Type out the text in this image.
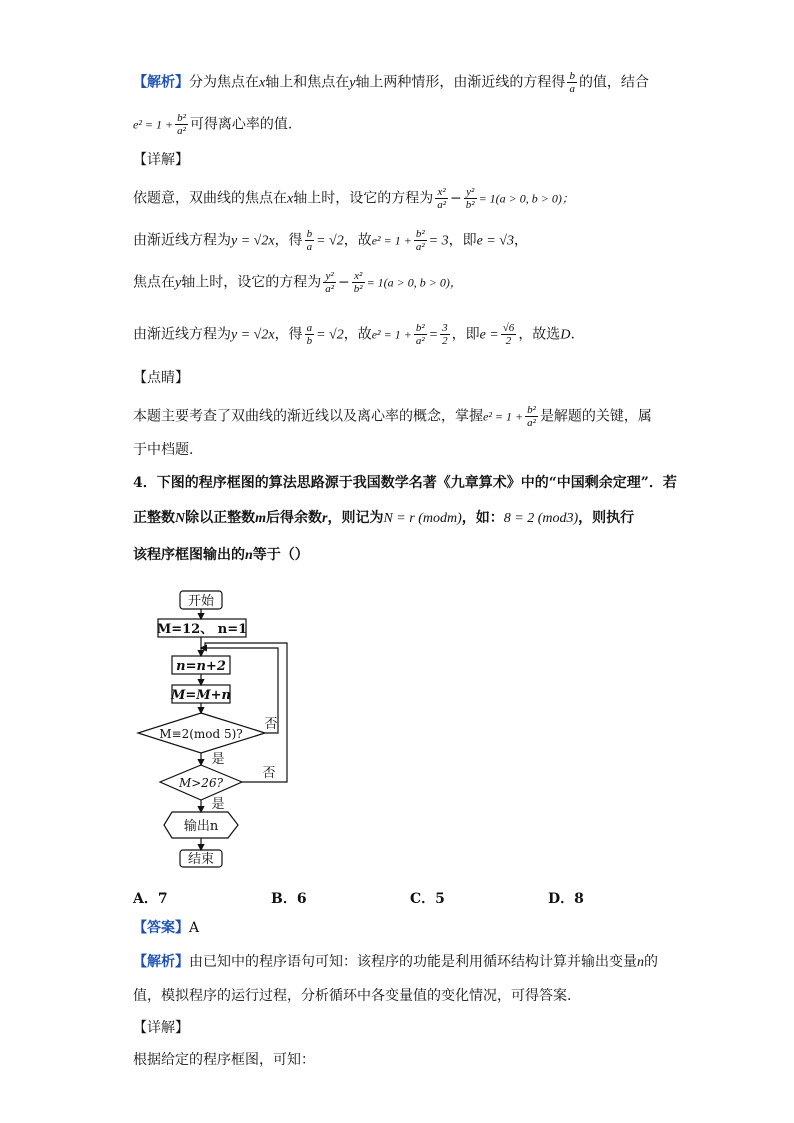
【解析】分为焦点在x轴上和焦点在y轴上两种情形，由渐近线的方程得 $\frac{b}{a}$ 的值，结合
$e^2 = 1 + \frac{\text{b²}}{\text{a²}}$ 可得离心率的值.
【详解】
依题意，双曲线的焦点在x轴上时，设它的方程为 $\frac{\text{x²}}{\text{a²}} - \frac{\text{y²}}{\text{b²}} = 1(a > 0$, b > 0)；
由渐近线方程为y = √2x，得 $\frac{b}{a} = √2$，故$e^2 = 1 + \frac{\text{b²}}{\text{a²}} = 3$，即e = √3，
焦点在y轴上时，设它的方程为 $\frac{\text{y²}}{\text{a²}} - \frac{\text{x²}}{\text{b²}} = 1(a > 0$, b > 0)，
由渐近线方程为y = √2x，得 $\frac{a}{b} = √2$，故$e^2 = 1 + \frac{\text{b²}}{\text{a²}} = \frac{3}{2}$ ，即$e = \frac{√6}{2}$ ，故选D.
【点睛】
本题主要考查了双曲线的渐近线以及离心率的概念，掌握$e^2 = 1 + \frac{\text{b²}}{\text{a²}}$ 是解题的关键，属
于中档题.
4．下图的程序框图的算法思路源于我国数学名著《九章算术》中的“中国剩余定理”．若
正整数N除以正整数m后得余数r，则记为N = r (modm)，如：8 = 2 (mod3)，则执行
该程序框图输出的n等于（）
开始
M=12、 n=1
n=n+2
M=M+n
M≡2(mod 5)?
M>26?
输出n
结束
是
是
否
否
A．7	B．6	C．5	D．8
【答案】A
【解析】由已知中的程序语句可知：该程序的功能是利用循环结构计算并输出变量n的
值，模拟程序的运行过程，分析循环中各变量值的变化情况，可得答案.
【详解】
根据给定的程序框图，可知：
